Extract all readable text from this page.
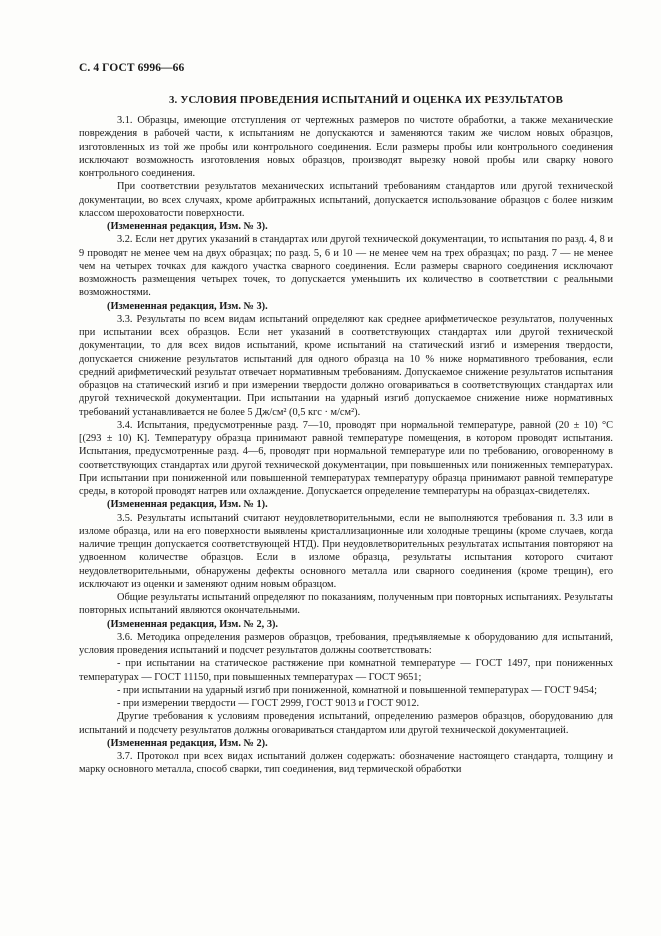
С. 4 ГОСТ 6996—66
3. УСЛОВИЯ ПРОВЕДЕНИЯ ИСПЫТАНИЙ И ОЦЕНКА ИХ РЕЗУЛЬТАТОВ

3.1. Образцы, имеющие отступления от чертежных размеров по чистоте обработки, а также механические повреждения в рабочей части, к испытаниям не допускаются и заменяются таким же числом новых образцов, изготовленных из той же пробы или контрольного соединения. Если размеры пробы или контрольного соединения исключают возможность изготовления новых образцов, производят вырезку новой пробы или сварку нового контрольного соединения.

При соответствии результатов механических испытаний требованиям стандартов или другой технической документации, во всех случаях, кроме арбитражных испытаний, допускается использование образцов с более низким классом шероховатости поверхности.

(Измененная редакция, Изм. № 3).

3.2. Если нет других указаний в стандартах или другой технической документации, то испытания по разд. 4, 8 и 9 проводят не менее чем на двух образцах; по разд. 5, 6 и 10 — не менее чем на трех образцах; по разд. 7 — не менее чем на четырех точках для каждого участка сварного соединения. Если размеры сварного соединения исключают возможность размещения четырех точек, то допускается уменьшить их количество в соответствии с реальными возможностями.

(Измененная редакция, Изм. № 3).

3.3. Результаты по всем видам испытаний определяют как среднее арифметическое результатов, полученных при испытании всех образцов. Если нет указаний в соответствующих стандартах или другой технической документации, то для всех видов испытаний, кроме испытаний на статический изгиб и измерения твердости, допускается снижение результатов испытаний для одного образца на 10 % ниже нормативного требования, если средний арифметический результат отвечает нормативным требованиям. Допускаемое снижение результатов испытания образцов на статический изгиб и при измерении твердости должно оговариваться в соответствующих стандартах или другой технической документации. При испытании на ударный изгиб допускаемое снижение ниже нормативных требований устанавливается не более 5 Дж/см² (0,5 кгс · м/см²).

3.4. Испытания, предусмотренные разд. 7—10, проводят при нормальной температуре, равной (20 ± 10) °С [(293 ± 10) К]. Температуру образца принимают равной температуре помещения, в котором проводят испытания. Испытания, предусмотренные разд. 4—6, проводят при нормальной температуре или по требованию, оговоренному в соответствующих стандартах или другой технической документации, при повышенных или пониженных температурах. При испытании при пониженной или повышенной температурах температуру образца принимают равной температуре среды, в которой проводят натрев или охлаждение. Допускается определение температуры на образцах-свидетелях.

(Измененная редакция, Изм. № 1).

3.5. Результаты испытаний считают неудовлетворительными, если не выполняются требования п. 3.3 или в изломе образца, или на его поверхности выявлены кристаллизационные или холодные трещины (кроме случаев, когда наличие трещин допускается соответствующей НТД). При неудовлетворительных результатах испытания повторяют на удвоенном количестве образцов. Если в изломе образца, результаты испытания которого считают неудовлетворительными, обнаружены дефекты основного металла или сварного соединения (кроме трещин), его исключают из оценки и заменяют одним новым образцом.

Общие результаты испытаний определяют по показаниям, полученным при повторных испытаниях. Результаты повторных испытаний являются окончательными.

(Измененная редакция, Изм. № 2, 3).

3.6. Методика определения размеров образцов, требования, предъявляемые к оборудованию для испытаний, условия проведения испытаний и подсчет результатов должны соответствовать:

- при испытании на статическое растяжение при комнатной температуре — ГОСТ 1497, при пониженных температурах — ГОСТ 11150, при повышенных температурах — ГОСТ 9651;

- при испытании на ударный изгиб при пониженной, комнатной и повышенной температурах — ГОСТ 9454;

- при измерении твердости — ГОСТ 2999, ГОСТ 9013 и ГОСТ 9012.

Другие требования к условиям проведения испытаний, определению размеров образцов, оборудованию для испытаний и подсчету результатов должны оговариваться стандартом или другой технической документацией.

(Измененная редакция, Изм. № 2).

3.7. Протокол при всех видах испытаний должен содержать: обозначение настоящего стандарта, толщину и марку основного металла, способ сварки, тип соединения, вид термической обработки
